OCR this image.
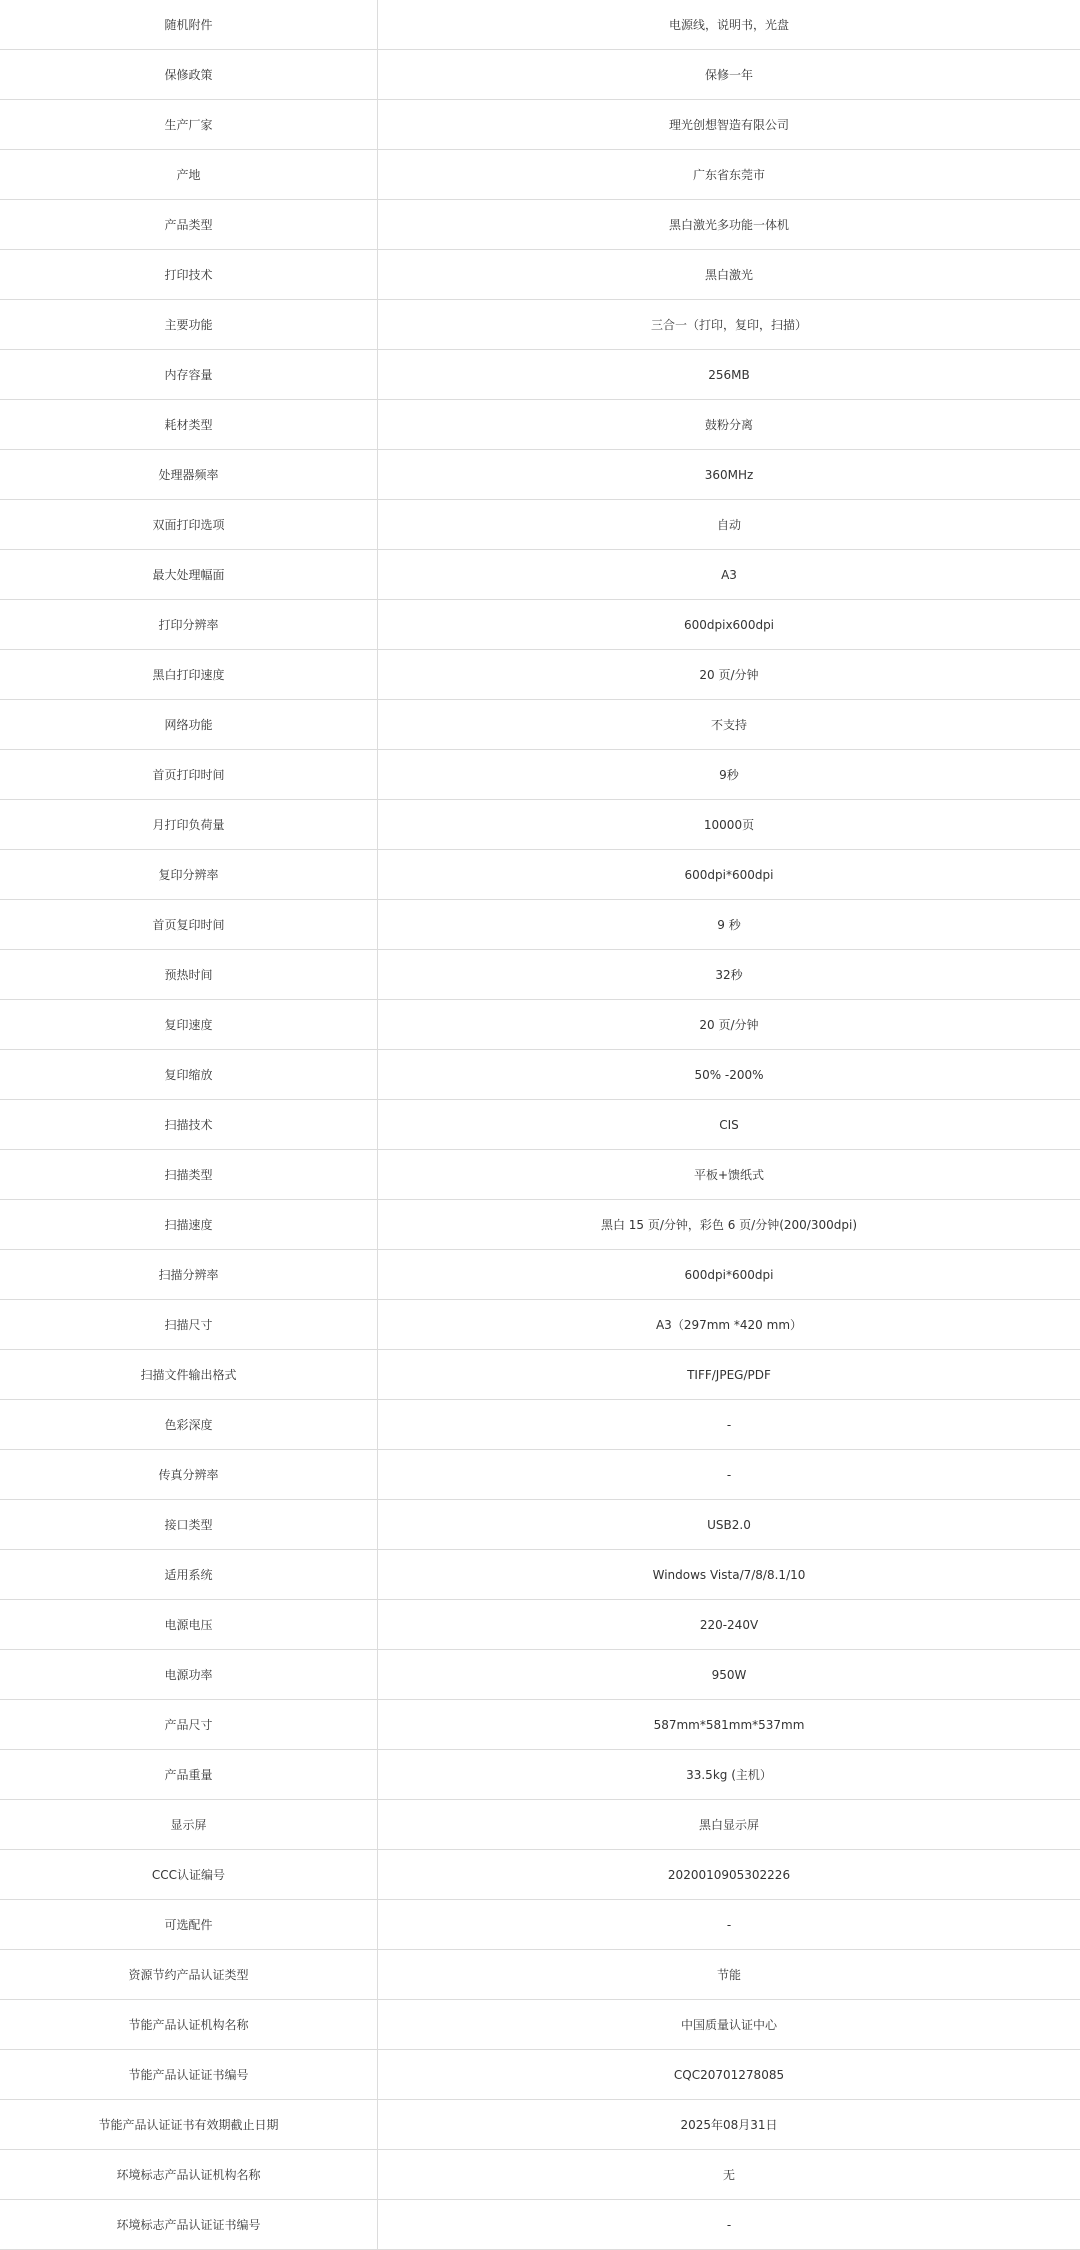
随机附件	电源线，说明书，光盘
保修政策	保修一年
生产厂家	理光创想智造有限公司
产地	广东省东莞市
产品类型	黑白激光多功能一体机
打印技术	黑白激光
主要功能	三合一（打印，复印，扫描）
内存容量	256MB
耗材类型	鼓粉分离
处理器频率	360MHz
双面打印选项	自动
最大处理幅面	A3
打印分辨率	600dpix600dpi
黑白打印速度	20 页/分钟
网络功能	不支持
首页打印时间	9秒
月打印负荷量	10000页
复印分辨率	600dpi*600dpi
首页复印时间	9 秒
预热时间	32秒
复印速度	20 页/分钟
复印缩放	50% -200%
扫描技术	CIS
扫描类型	平板+馈纸式
扫描速度	黑白 15 页/分钟，彩色 6 页/分钟(200/300dpi)
扫描分辨率	600dpi*600dpi
扫描尺寸	A3（297mm *420 mm）
扫描文件输出格式	TIFF/JPEG/PDF
色彩深度	-
传真分辨率	-
接口类型	USB2.0
适用系统	Windows Vista/7/8/8.1/10
电源电压	220-240V
电源功率	950W
产品尺寸	587mm*581mm*537mm
产品重量	33.5kg (主机）
显示屏	黑白显示屏
CCC认证编号	2020010905302226
可选配件	-
资源节约产品认证类型	节能
节能产品认证机构名称	中国质量认证中心
节能产品认证证书编号	CQC20701278085
节能产品认证证书有效期截止日期	2025年08月31日
环境标志产品认证机构名称	无
环境标志产品认证证书编号	-
